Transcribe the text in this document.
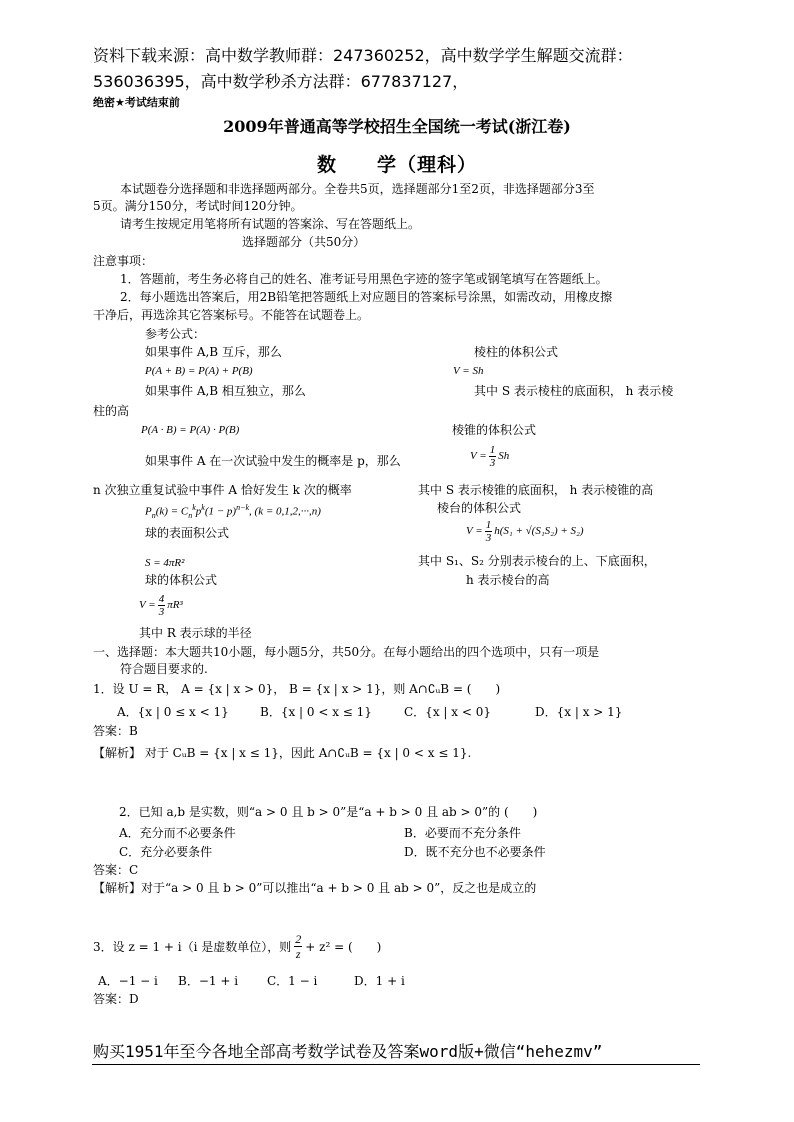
资料下载来源：高中数学教师群：247360252，高中数学学生解题交流群：
536036395，高中数学秒杀方法群：677837127，
绝密★考试结束前
2009年普通高等学校招生全国统一考试(浙江卷)
数　　学（理科）
本试题卷分选择题和非选择题两部分。全卷共5页，选择题部分1至2页，非选择题部分3至
5页。满分150分，考试时间120分钟。
请考生按规定用笔将所有试题的答案涂、写在答题纸上。
选择题部分（共50分）
注意事项：
1．答题前，考生务必将自己的姓名、准考证号用黑色字迹的签字笔或钢笔填写在答题纸上。
2．每小题选出答案后，用2B铅笔把答题纸上对应题目的答案标号涂黑，如需改动，用橡皮擦
干净后，再选涂其它答案标号。不能答在试题卷上。
参考公式：
如果事件 A,B 互斥，那么
P(A + B) = P(A) + P(B)
如果事件 A,B 相互独立，那么
柱的高
P(A · B) = P(A) · P(B)
如果事件 A 在一次试验中发生的概率是 p，那么
n 次独立重复试验中事件 A 恰好发生 k 次的概率
$P_n(k) = C_n^kp^k(1 - p)^{n-k}$, (k = 0,1,2,···,n)
球的表面积公式
S = 4πR²
球的体积公式
$V = \frac{4}{3} \pi R^3$
其中 R 表示球的半径
棱柱的体积公式
V = Sh
其中 S 表示棱柱的底面积， h 表示棱
棱锥的体积公式
$V = \frac{1}{3}$ Sh
其中 S 表示棱锥的底面积， h 表示棱锥的高
棱台的体积公式
$V = \frac{1}{3} h(S_1 + √(S_1S_2) + S_2)$
其中 S₁、S₂ 分别表示棱台的上、下底面积，
h 表示棱台的高
一、选择题：本大题共10小题，每小题5分，共50分。在每小题给出的四个选项中，只有一项是
符合题目要求的.
1．设 U = R， A = {x | x > 0}， B = {x | x > 1}，则 A∩∁ᵤB = (　　)
A．{x | 0 ≤ x < 1}	B．{x | 0 < x ≤ 1}	C．{x | x < 0}	D．{x | x > 1}
答案：B
【解析】 对于 CᵤB = {x | x ≤ 1}，因此 A∩∁ᵤB = {x | 0 < x ≤ 1}.
2．已知 a,b 是实数，则“a > 0 且 b > 0”是“a + b > 0 且 ab > 0”的 (　　)
A．充分而不必要条件	B．必要而不充分条件
C．充分必要条件	D．既不充分也不必要条件
答案：C
【解析】对于“a > 0 且 b > 0”可以推出“a + b > 0 且 ab > 0”，反之也是成立的
3．设 z = 1 + i（i 是虚数单位），则 $\frac{2}{z} + z^2$ = (　　)
A．−1 − i B．−1 + i C．1 − i	D．1 + i
答案：D
购买1951年至今各地全部高考数学试卷及答案word版+微信“hehezmv”
